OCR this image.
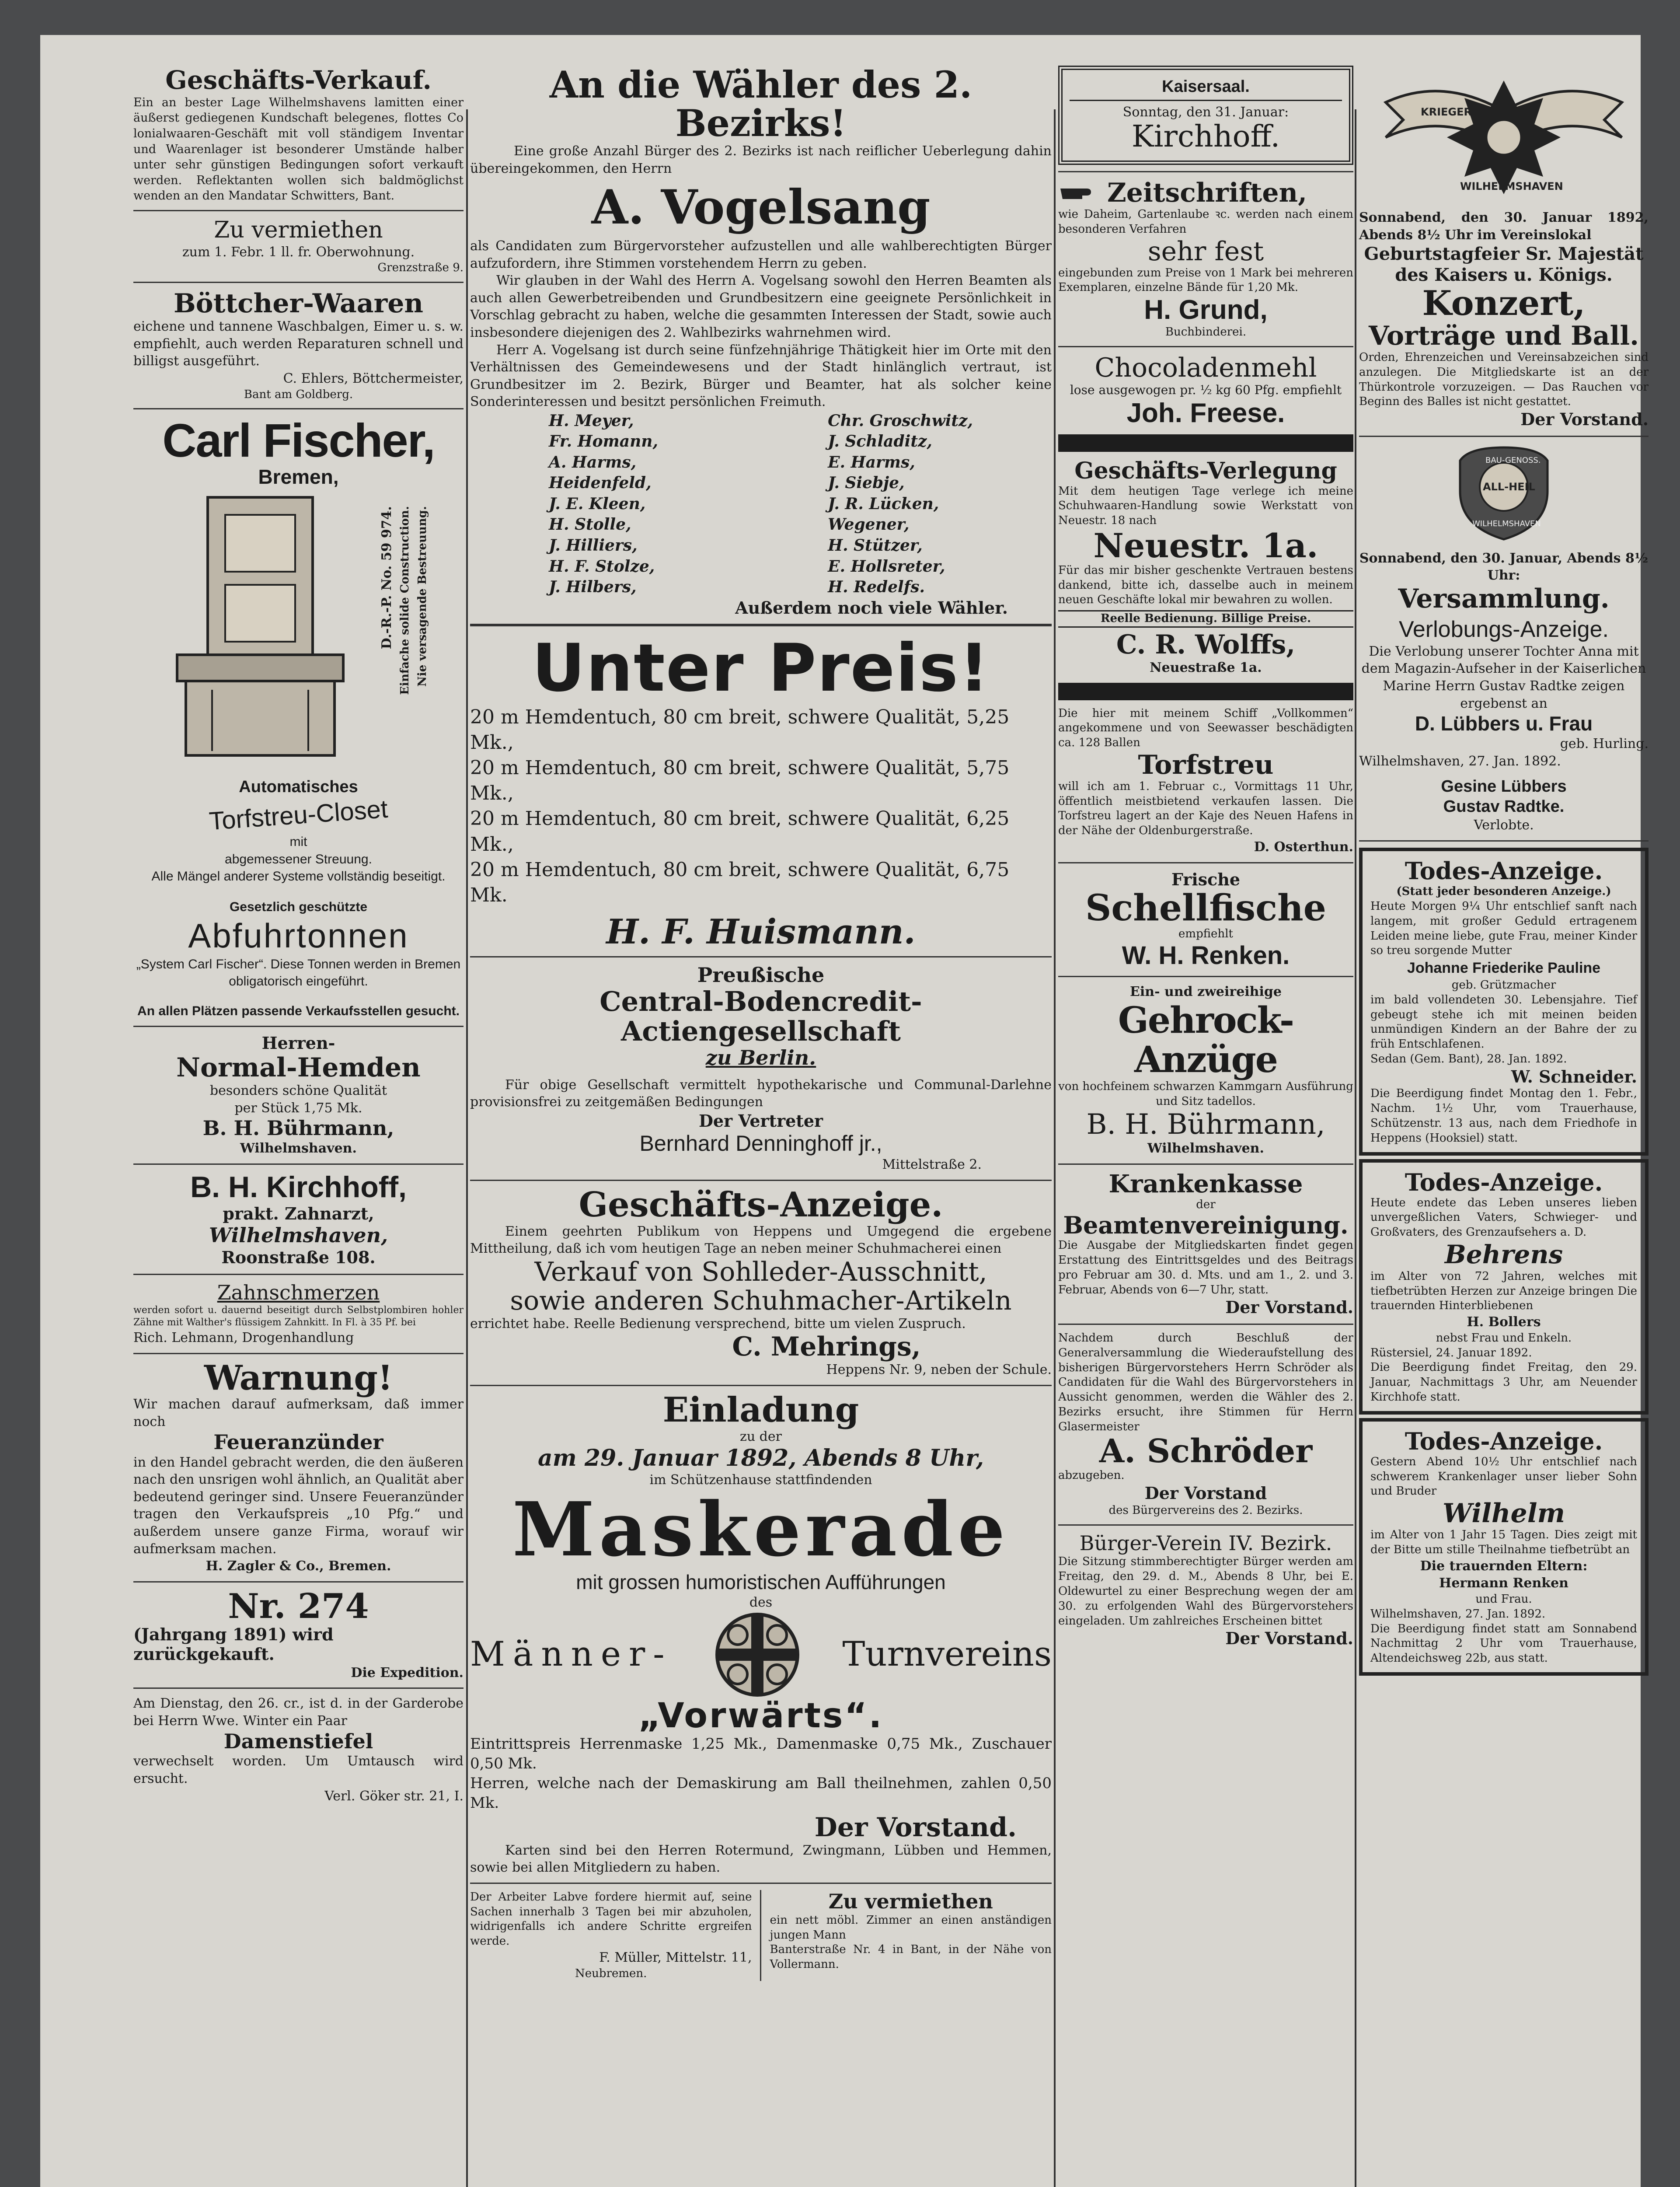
Geschäfts-Verkauf.
Ein an bester Lage Wilhelmshavens lamitten einer äußerst gediegenen Kundschaft belegenes, flottes Co lonialwaaren-Geschäft mit voll ständigem Inventar und Waarenlager ist besonderer Umstände halber unter sehr günstigen Bedingungen sofort verkauft werden. Reflektanten wollen sich baldmöglichst wenden an den Mandatar Schwitters, Bant.
Zu vermiethen
zum 1. Febr. 1 ll. fr. Oberwohnung.
Grenzstraße 9.
Böttcher-Waaren
eichene und tannene Waschbalgen, Eimer u. s. w. empfiehlt, auch werden Reparaturen schnell und billigst ausgeführt.
C. Ehlers, Böttchermeister,
Bant am Goldberg.
Carl Fischer,
Bremen,
D.-R.-P. No. 59 974. Einfache solide Construction. Nie versagende Bestreuung.
Automatisches
Torfstreu-Closet
mit
abgemessener Streuung.
Alle Mängel anderer Systeme vollständig beseitigt.
Gesetzlich geschützte
Abfuhrtonnen
„System Carl Fischer“. Diese Tonnen werden in Bremen obligatorisch eingeführt.
An allen Plätzen passende Verkaufsstellen gesucht.
Herren-
Normal-Hemden
besonders schöne Qualität
per Stück 1,75 Mk.
B. H. Bührmann,
Wilhelmshaven.
B. H. Kirchhoff,
prakt. Zahnarzt,
Wilhelmshaven,
Roonstraße 108.
Zahnschmerzen
werden sofort u. dauernd beseitigt durch Selbstplombiren hohler Zähne mit Walther's flüssigem Zahnkitt. In Fl. à 35 Pf. bei
Rich. Lehmann, Drogenhandlung
Warnung!
Wir machen darauf aufmerksam, daß immer noch
Feueranzünder
in den Handel gebracht werden, die den äußeren nach den unsrigen wohl ähnlich, an Qualität aber bedeutend geringer sind. Unsere Feueranzünder tragen den Verkaufspreis „10 Pfg.“ und außerdem unsere ganze Firma, worauf wir aufmerksam machen.
H. Zagler & Co., Bremen.
Nr. 274
(Jahrgang 1891) wird zurückgekauft.
Die Expedition.
Am Dienstag, den 26. cr., ist d. in der Garderobe bei Herrn Wwe. Winter ein Paar
Damenstiefel
verwechselt worden. Um Umtausch wird ersucht.
Verl. Göker str. 21, I.
An die Wähler des 2. Bezirks!
Eine große Anzahl Bürger des 2. Bezirks ist nach reiflicher Ueberlegung dahin übereingekommen, den Herrn
A. Vogelsang
als Candidaten zum Bürgervorsteher aufzustellen und alle wahlberechtigten Bürger aufzufordern, ihre Stimmen vorstehendem Herrn zu geben.
Wir glauben in der Wahl des Herrn A. Vogelsang sowohl den Herren Beamten als auch allen Gewerbetreibenden und Grundbesitzern eine geeignete Persönlichkeit in Vorschlag gebracht zu haben, welche die gesammten Interessen der Stadt, sowie auch insbesondere diejenigen des 2. Wahlbezirks wahrnehmen wird.
Herr A. Vogelsang ist durch seine fünfzehnjährige Thätigkeit hier im Orte mit den Verhältnissen des Gemeindewesens und der Stadt hinlänglich vertraut, ist Grundbesitzer im 2. Bezirk, Bürger und Beamter, hat als solcher keine Sonderinteressen und besitzt persönlichen Freimuth.
H. Meyer,
Fr. Homann,
A. Harms,
Heidenfeld,
J. E. Kleen,
H. Stolle,
J. Hilliers,
H. F. Stolze,
J. Hilbers,
Chr. Groschwitz,
J. Schladitz,
E. Harms,
J. Siebje,
J. R. Lücken,
Wegener,
H. Stützer,
E. Hollsreter,
H. Redelfs.
Außerdem noch viele Wähler.
Unter Preis!
20 m Hemdentuch, 80 cm breit, schwere Qualität, 5,25 Mk.,
20 m Hemdentuch, 80 cm breit, schwere Qualität, 5,75 Mk.,
20 m Hemdentuch, 80 cm breit, schwere Qualität, 6,25 Mk.,
20 m Hemdentuch, 80 cm breit, schwere Qualität, 6,75 Mk.
H. F. Huismann.
Preußische
Central-Bodencredit-Actiengesellschaft
zu Berlin.
Für obige Gesellschaft vermittelt hypothekarische und Communal-Darlehne provisionsfrei zu zeitgemäßen Bedingungen
Der Vertreter
Bernhard Denninghoff jr.,
Mittelstraße 2.
Geschäfts-Anzeige.
Einem geehrten Publikum von Heppens und Umgegend die ergebene Mittheilung, daß ich vom heutigen Tage an neben meiner Schuhmacherei einen
Verkauf von Sohlleder-Ausschnitt,
sowie anderen Schuhmacher-Artikeln
errichtet habe. Reelle Bedienung versprechend, bitte um vielen Zuspruch.
C. Mehrings,
Heppens Nr. 9, neben der Schule.
Einladung
zu der
am 29. Januar 1892, Abends 8 Uhr,
im Schützenhause stattfindenden
Maskerade
mit grossen humoristischen Aufführungen
des
Männer-	Turnvereins
„Vorwärts“.
Eintrittspreis Herrenmaske 1,25 Mk., Damenmaske 0,75 Mk., Zuschauer 0,50 Mk.
Herren, welche nach der Demaskirung am Ball theilnehmen, zahlen 0,50 Mk.
Der Vorstand.
Karten sind bei den Herren Rotermund, Zwingmann, Lübben und Hemmen, sowie bei allen Mitgliedern zu haben.
Der Arbeiter Labve fordere hiermit auf, seine Sachen innerhalb 3 Tagen bei mir abzuholen, widrigenfalls ich andere Schritte ergreifen werde.
F. Müller, Mittelstr. 11,
Neubremen.
Zu vermiethen
ein nett möbl. Zimmer an einen anständigen jungen Mann
Banterstraße Nr. 4 in Bant, in der Nähe von Vollermann.
Kaisersaal.
Sonntag, den 31. Januar:
Kirchhoff.
Zeitschriften,
wie Daheim, Gartenlaube ꝛc. werden nach einem besonderen Verfahren
sehr fest
eingebunden zum Preise von 1 Mark bei mehreren Exemplaren, einzelne Bände für 1,20 Mk.
H. Grund,
Buchbinderei.
Chocoladenmehl
lose ausgewogen pr. ½ kg 60 Pfg. empfiehlt
Joh. Freese.
Geschäfts-Verlegung
Mit dem heutigen Tage verlege ich meine Schuhwaaren-Handlung sowie Werkstatt von Neuestr. 18 nach
Neuestr. 1a.
Für das mir bisher geschenkte Vertrauen bestens dankend, bitte ich, dasselbe auch in meinem neuen Geschäfte lokal mir bewahren zu wollen.
Reelle Bedienung. Billige Preise.
C. R. Wolffs,
Neuestraße 1a.
Die hier mit meinem Schiff „Vollkommen“ angekommene und von Seewasser beschädigten ca. 128 Ballen
Torfstreu
will ich am 1. Februar c., Vormittags 11 Uhr, öffentlich meistbietend verkaufen lassen. Die Torfstreu lagert an der Kaje des Neuen Hafens in der Nähe der Oldenburgerstraße.
D. Osterthun.
Frische
Schellfische
empfiehlt
W. H. Renken.
Ein- und zweireihige
Gehrock-Anzüge
von hochfeinem schwarzen Kammgarn Ausführung und Sitz tadellos.
B. H. Bührmann,
Wilhelmshaven.
Krankenkasse
der
Beamtenvereinigung.
Die Ausgabe der Mitgliedskarten findet gegen Erstattung des Eintrittsgeldes und des Beitrags pro Februar am 30. d. Mts. und am 1., 2. und 3. Februar, Abends von 6—7 Uhr, statt.
Der Vorstand.
Nachdem durch Beschluß der Generalversammlung die Wiederaufstellung des bisherigen Bürgervorstehers Herrn Schröder als Candidaten für die Wahl des Bürgervorstehers in Aussicht genommen, werden die Wähler des 2. Bezirks ersucht, ihre Stimmen für Herrn Glasermeister
A. Schröder
abzugeben.
Der Vorstand
des Bürgervereins des 2. Bezirks.
Bürger-Verein IV. Bezirk.
Die Sitzung stimmberechtigter Bürger werden am Freitag, den 29. d. M., Abends 8 Uhr, bei E. Oldewurtel zu einer Besprechung wegen der am 30. zu erfolgenden Wahl des Bürgervorstehers eingeladen. Um zahlreiches Erscheinen bittet
Der Vorstand.
KRIEGER VEREIN
WILHELMSHAVEN
Sonnabend, den 30. Januar 1892, Abends 8½ Uhr im Vereinslokal
Geburtstagfeier Sr. Majestät des Kaisers u. Königs.
Konzert,
Vorträge und Ball.
Orden, Ehrenzeichen und Vereinsabzeichen sind anzulegen. Die Mitgliedskarte ist an der Thürkontrole vorzuzeigen. — Das Rauchen vor Beginn des Balles ist nicht gestattet.
Der Vorstand.
BAU-GENOSS.
ALL-HEIL
WILHELMSHAVEN
Sonnabend, den 30. Januar, Abends 8½ Uhr:
Versammlung.
Verlobungs-Anzeige.
Die Verlobung unserer Tochter Anna mit dem Magazin-Aufseher in der Kaiserlichen Marine Herrn Gustav Radtke zeigen ergebenst an
D. Lübbers u. Frau
geb. Hurling.
Wilhelmshaven, 27. Jan. 1892.
Gesine Lübbers
Gustav Radtke.
Verlobte.
Todes-Anzeige.
(Statt jeder besonderen Anzeige.)
Heute Morgen 9¼ Uhr entschlief sanft nach langem, mit großer Geduld ertragenem Leiden meine liebe, gute Frau, meiner Kinder so treu sorgende Mutter
Johanne Friederike Pauline
geb. Grützmacher
im bald vollendeten 30. Lebensjahre. Tief gebeugt stehe ich mit meinen beiden unmündigen Kindern an der Bahre der zu früh Entschlafenen.
Sedan (Gem. Bant), 28. Jan. 1892.
W. Schneider.
Die Beerdigung findet Montag den 1. Febr., Nachm. 1½ Uhr, vom Trauerhause, Schützenstr. 13 aus, nach dem Friedhofe in Heppens (Hooksiel) statt.
Todes-Anzeige.
Heute endete das Leben unseres lieben unvergeßlichen Vaters, Schwieger- und Großvaters, des Grenzaufsehers a. D.
Behrens
im Alter von 72 Jahren, welches mit tiefbetrübten Herzen zur Anzeige bringen Die trauernden Hinterbliebenen
H. Bollers
nebst Frau und Enkeln.
Rüstersiel, 24. Januar 1892.
Die Beerdigung findet Freitag, den 29. Januar, Nachmittags 3 Uhr, am Neuender Kirchhofe statt.
Todes-Anzeige.
Gestern Abend 10½ Uhr entschlief nach schwerem Krankenlager unser lieber Sohn und Bruder
Wilhelm
im Alter von 1 Jahr 15 Tagen. Dies zeigt mit der Bitte um stille Theilnahme tiefbetrübt an
Die trauernden Eltern:
Hermann Renken
und Frau.
Wilhelmshaven, 27. Jan. 1892.
Die Beerdigung findet statt am Sonnabend Nachmittag 2 Uhr vom Trauerhause, Altendeichsweg 22b, aus statt.
